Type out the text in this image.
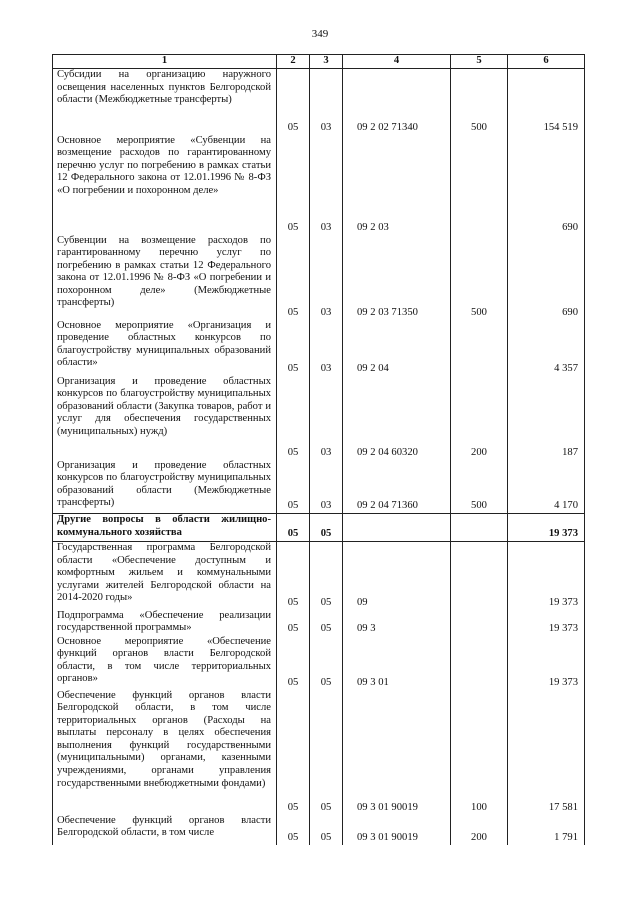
349
1	2	3	4	5	6
Субсидии на организацию наружного освещения населенных пунктов Белгородской области (Межбюджетные трансферты)	05	03	09 2 02 71340	500	154 519
Основное мероприятие «Субвенции на возмещение расходов по гарантированному перечню услуг по погребению в рамках статьи 12 Федерального закона от 12.01.1996 № 8-ФЗ «О погребении и похоронном деле»	05	03	09 2 03		690
Субвенции на возмещение расходов по гарантированному перечню услуг по погребению в рамках статьи 12 Федерального закона от 12.01.1996 № 8-ФЗ «О погребении и похоронном деле» (Межбюджетные трансферты)	05	03	09 2 03 71350	500	690
Основное мероприятие «Организация и проведение областных конкурсов по благоустройству муниципальных образований области»	05	03	09 2 04		4 357
Организация и проведение областных конкурсов по благоустройству муниципальных образований области (Закупка товаров, работ и услуг для обеспечения государственных (муниципальных) нужд)	05	03	09 2 04 60320	200	187
Организация и проведение областных конкурсов по благоустройству муниципальных образований области (Межбюджетные трансферты)	05	03	09 2 04 71360	500	4 170
Другие вопросы в области жилищно-коммунального хозяйства	05	05			19 373
Государственная программа Белгородской области «Обеспечение доступным и комфортным жильем и коммунальными услугами жителей Белгородской области на 2014-2020 годы»	05	05	09		19 373
Подпрограмма «Обеспечение реализации государственной программы»	05	05	09 3		19 373
Основное мероприятие «Обеспечение функций органов власти Белгородской области, в том числе территориальных органов»	05	05	09 3 01		19 373
Обеспечение функций органов власти Белгородской области, в том числе территориальных органов (Расходы на выплаты персоналу в целях обеспечения выполнения функций государственными (муниципальными) органами, казенными учреждениями, органами управления государственными внебюджетными фондами)	05	05	09 3 01 90019	100	17 581
Обеспечение функций органов власти Белгородской области, в том числе	05	05	09 3 01 90019	200	1 791
